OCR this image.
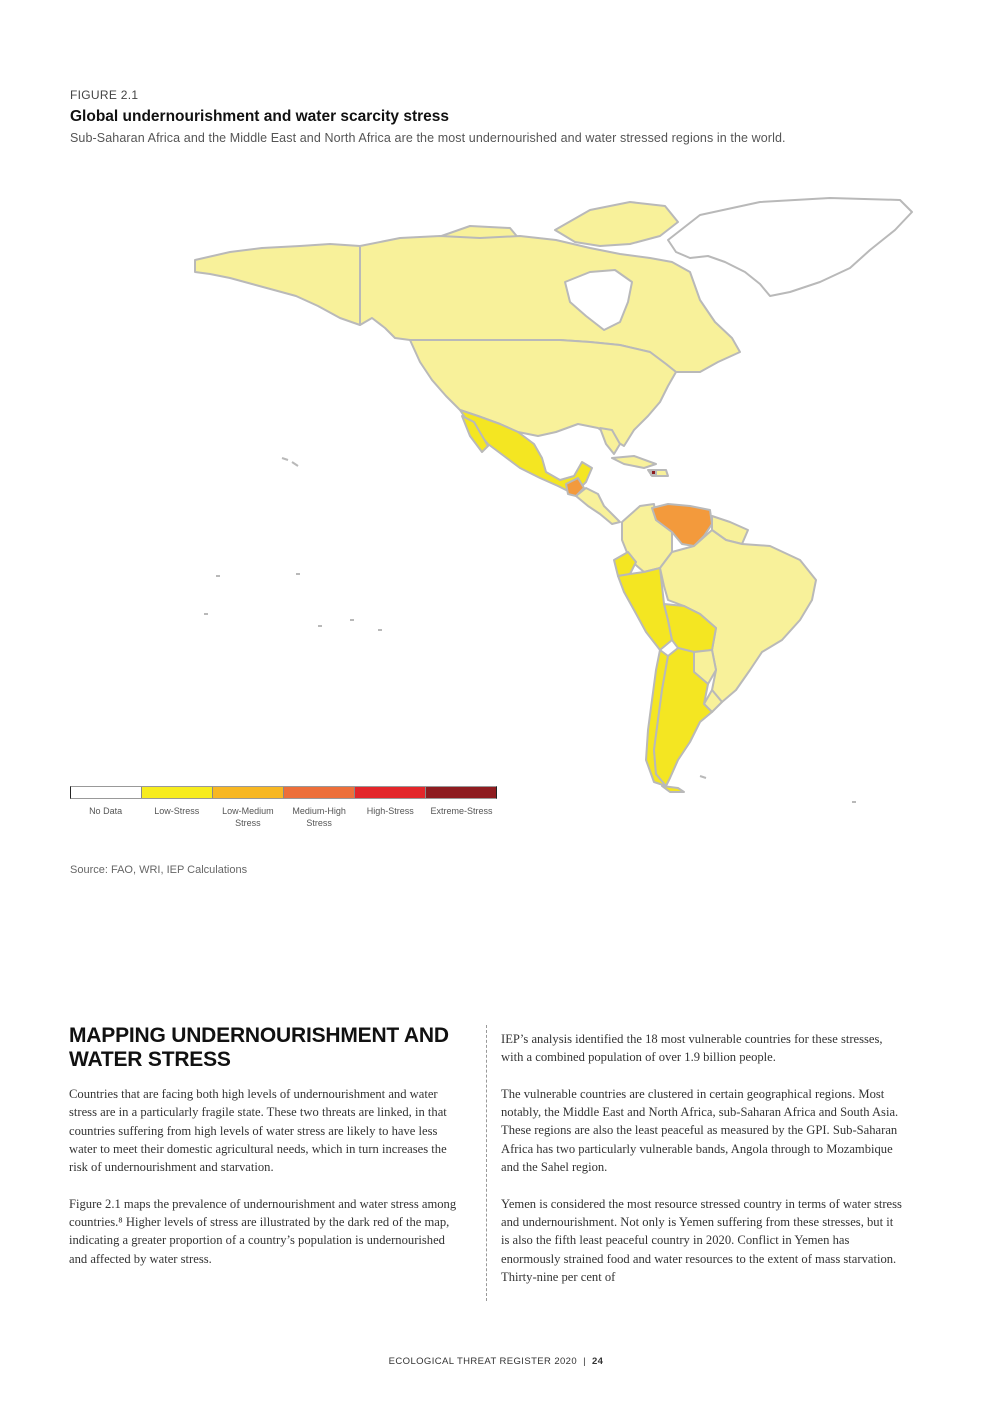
FIGURE 2.1
Global undernourishment and water scarcity stress
Sub-Saharan Africa and the Middle East and North Africa are the most undernourished and water stressed regions in the world.
No Data	Low-Stress	Low-Medium Stress
Medium-High Stress
High-Stress	Extreme-Stress
Source: FAO, WRI, IEP Calculations
MAPPING UNDERNOURISHMENT AND WATER STRESS

Countries that are facing both high levels of undernourishment and water stress are in a particularly fragile state. These two threats are linked, in that countries suffering from high levels of water stress are likely to have less water to meet their domestic agricultural needs, which in turn increases the risk of undernourishment and starvation.

Figure 2.1 maps the prevalence of undernourishment and water stress among countries.⁸ Higher levels of stress are illustrated by the dark red of the map, indicating a greater proportion of a country’s population is undernourished and affected by water stress.

IEP’s analysis identified the 18 most vulnerable countries for these stresses, with a combined population of over 1.9 billion people.

The vulnerable countries are clustered in certain geographical regions. Most notably, the Middle East and North Africa, sub-Saharan Africa and South Asia. These regions are also the least peaceful as measured by the GPI. Sub-Saharan Africa has two particularly vulnerable bands, Angola through to Mozambique and the Sahel region.

Yemen is considered the most resource stressed country in terms of water stress and undernourishment. Not only is Yemen suffering from these stresses, but it is also the fifth least peaceful country in 2020. Conflict in Yemen has enormously strained food and water resources to the extent of mass starvation. Thirty-nine per cent of

ECOLOGICAL THREAT REGISTER 2020 | 24
